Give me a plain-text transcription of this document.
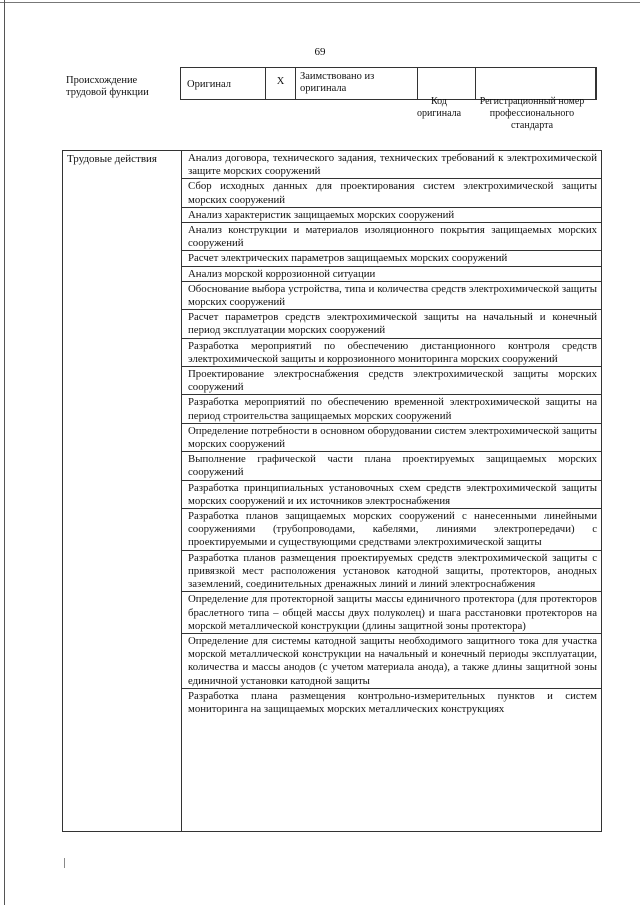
69
Происхождение трудовой функции
Оригинал	X	Заимствовано из оригинала
Код оригинала
Регистрационный номер профессионального стандарта
Трудовые действия	Анализ договора, технического задания, технических требований к электрохимической защите морских сооружений
Сбор исходных данных для проектирования систем электрохимической защиты морских сооружений
Анализ характеристик защищаемых морских сооружений
Анализ конструкции и материалов изоляционного покрытия защищаемых морских сооружений
Расчет электрических параметров защищаемых морских сооружений
Анализ морской коррозионной ситуации
Обоснование выбора устройства, типа и количества средств электрохимической защиты морских сооружений
Расчет параметров средств электрохимической защиты на начальный и конечный период эксплуатации морских сооружений
Разработка мероприятий по обеспечению дистанционного контроля средств электрохимической защиты и коррозионного мониторинга морских сооружений
Проектирование электроснабжения средств электрохимической защиты морских сооружений
Разработка мероприятий по обеспечению временной электрохимической защиты на период строительства защищаемых морских сооружений
Определение потребности в основном оборудовании систем электрохимической защиты морских сооружений
Выполнение графической части плана проектируемых защищаемых морских сооружений
Разработка принципиальных установочных схем средств электрохимической защиты морских сооружений и их источников электроснабжения
Разработка планов защищаемых морских сооружений с нанесенными линейными сооружениями (трубопроводами, кабелями, линиями электропередачи) с проектируемыми и существующими средствами электрохимической защиты
Разработка планов размещения проектируемых средств электрохимической защиты с привязкой мест расположения установок катодной защиты, протекторов, анодных заземлений, соединительных дренажных линий и линий электроснабжения
Определение для протекторной защиты массы единичного протектора (для протекторов браслетного типа – общей массы двух полуколец) и шага расстановки протекторов на морской металлической конструкции (длины защитной зоны протектора)
Определение для системы катодной защиты необходимого защитного тока для участка морской металлической конструкции на начальный и конечный периоды эксплуатации, количества и массы анодов (с учетом материала анода), а также длины защитной зоны единичной установки катодной защиты
Разработка плана размещения контрольно-измерительных пунктов и систем мониторинга на защищаемых морских металлических конструкциях
